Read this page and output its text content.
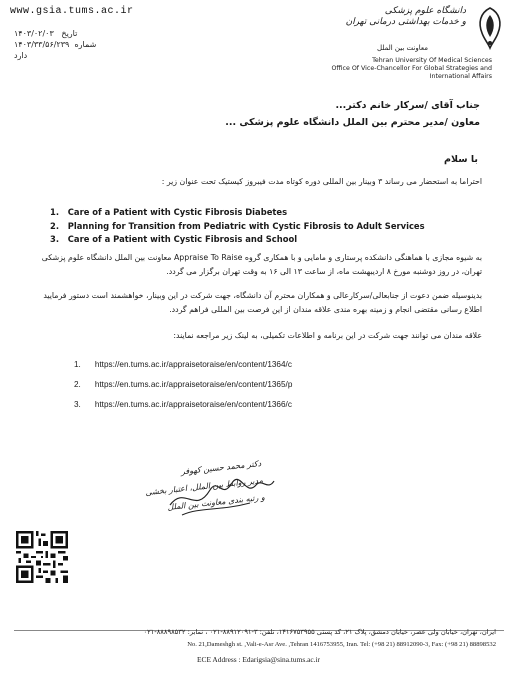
www.gsia.tums.ac.ir
۱۴۰۳/۰۲/۰۳ تاریخ
۱۴۰۳/۳۳/۵۶/۲۳۹ شماره
دارد
دانشگاه علوم پزشکی
و خدمات بهداشتی درمانی تهران
معاونت بین الملل
Tehran University Of Medical Sciences
Office Of Vice-Chancellor For Global Strategies and
International Affairs
جناب آقای /سرکار خانم دکتر...
معاون /مدیر محترم بین الملل دانشگاه علوم پزشکی ...
با سلام
احتراما به استحضار می رساند ۳ وبینار بین المللی دوره کوتاه مدت فیبروز کیستیک تحت عنوان زیر :
1.   Care of a Patient with Cystic Fibrosis Diabetes
2.   Planning for Transition from Pediatric with Cystic Fibrosis to Adult Services
3.   Care of a Patient with Cystic Fibrosis and School
به شیوه مجازی با هماهنگی دانشکده پرستاری و مامایی و با همکاری گروه Appraise To Raise معاونت بین الملل دانشگاه علوم پزشکی تهران، در روز دوشنبه مورخ ۸ اردیبهشت ماه، از ساعت ۱۳ الی ۱۶ به وقت تهران برگزار می گردد.
بدینوسیله ضمن دعوت از جنابعالی/سرکارعالی و همکاران محترم آن دانشگاه، جهت شرکت در این وبینار، خواهشمند است دستور فرمایید اطلاع رسانی مقتضی انجام و زمینه بهره مندی علاقه مندان از این فرصت بین المللی فراهم گردد.
علاقه مندان می توانند جهت شرکت در این برنامه و اطلاعات تکمیلی، به لینک زیر مراجعه نمایند:
1. https://en.tums.ac.ir/appraisetoraise/en/content/1364/c
2. https://en.tums.ac.ir/appraisetoraise/en/content/1365/p
3. https://en.tums.ac.ir/appraisetoraise/en/content/1366/c
دکتر محمد حسین کهوفر
مدیر روابط بین الملل، اعتبار بخشی
و رتبه بندی معاونت بین الملل
ایران، تهران، خیابان ولی عصر، خیابان دمشق، پلاک ۲۱، کد پستی ۱۴۱۶۷۵۳۹۵۵، تلفن: ۳-۸۸۹۱۲۰۹۱-۰۲۱ ، نمابر: ۸۸۸۹۸۵۳۲-۰۲۱
No. 21,Dameshgh st. ,Vali-e-Asr Ave. ,Tehran 1416753955, Iran. Tel: (+98 21) 88912090-3, Fax: (+98 21) 88898532
ECE Address : Edarigsia@sina.tums.ac.ir
